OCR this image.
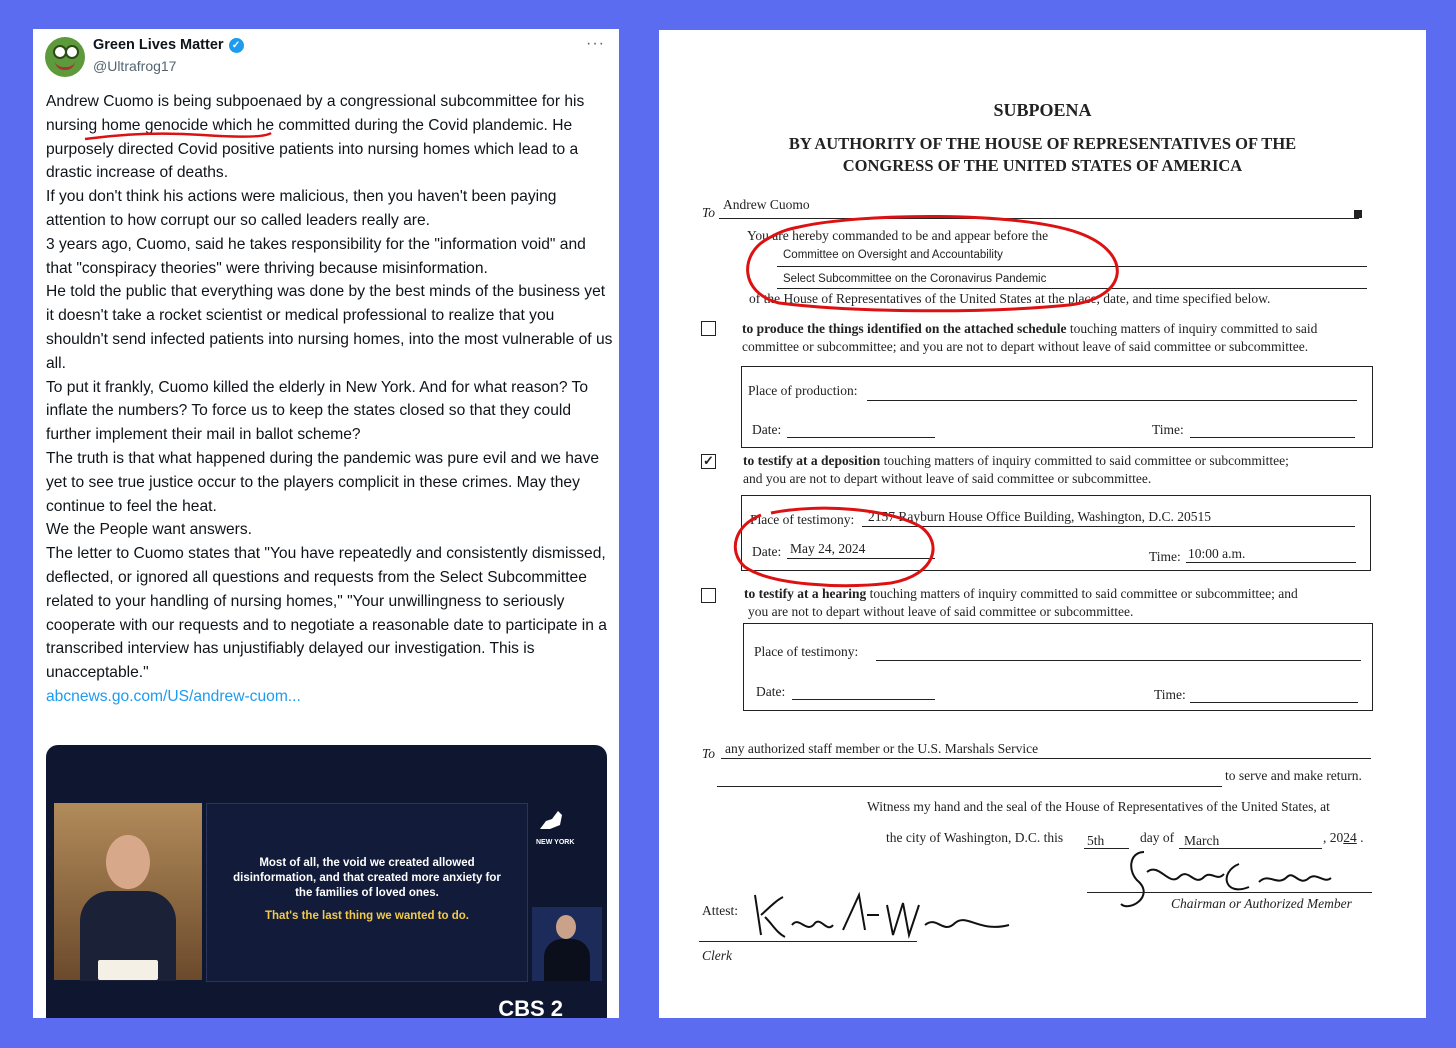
Green Lives Matter ✓
@Ultrafrog17
···

Andrew Cuomo is being subpoenaed by a congressional subcommittee for his nursing home genocide which he committed during the Covid plandemic. He purposely directed Covid positive patients into nursing homes which lead to a drastic increase of deaths.

If you don't think his actions were malicious, then you haven't been paying attention to how corrupt our so called leaders really are.

3 years ago, Cuomo, said he takes responsibility for the "information void" and that "conspiracy theories" were thriving because misinformation.

He told the public that everything was done by the best minds of the business yet it doesn't take a rocket scientist or medical professional to realize that you shouldn't send infected patients into nursing homes, into the most vulnerable of us all.

To put it frankly, Cuomo killed the elderly in New York. And for what reason? To inflate the numbers? To force us to keep the states closed so that they could further implement their mail in ballot scheme?

The truth is that what happened during the pandemic was pure evil and we have yet to see true justice occur to the players complicit in these crimes. May they continue to feel the heat.

We the People want answers.

The letter to Cuomo states that "You have repeatedly and consistently dismissed, deflected, or ignored all questions and requests from the Select Subcommittee related to your handling of nursing homes," "Your unwillingness to seriously cooperate with our requests and to negotiate a reasonable date to participate in a transcribed interview has unjustifiably delayed our investigation. This is unacceptable."

abcnews.go.com/US/andrew-cuom...
Most of all, the void we created allowed disinformation, and that created more anxiety for the families of loved ones.
That's the last thing we wanted to do.
NEW YORK
CBS 2
SUBPOENA
BY AUTHORITY OF THE HOUSE OF REPRESENTATIVES OF THE
CONGRESS OF THE UNITED STATES OF AMERICA
To
Andrew Cuomo
You are hereby commanded to be and appear before the
Committee on Oversight and Accountability
Select Subcommittee on the Coronavirus Pandemic
of the House of Representatives of the United States at the place, date, and time specified below.
to produce the things identified on the attached schedule touching matters of inquiry committed to said
committee or subcommittee; and you are not to depart without leave of said committee or subcommittee.
Place of production:
Date:	Time:
✓ to testify at a deposition touching matters of inquiry committed to said committee or subcommittee;
and you are not to depart without leave of said committee or subcommittee.
Place of testimony: 2157 Rayburn House Office Building, Washington, D.C. 20515
Date: May 24, 2024
Time: 10:00 a.m.
to testify at a hearing touching matters of inquiry committed to said committee or subcommittee; and
you are not to depart without leave of said committee or subcommittee.
Place of testimony:
Date:	Time:
To any authorized staff member or the U.S. Marshals Service
to serve and make return.
Witness my hand and the seal of the House of Representatives of the United States, at
the city of Washington, D.C. this 5th	day of March	, 2024 .
Chairman or Authorized Member
Attest:
Clerk
